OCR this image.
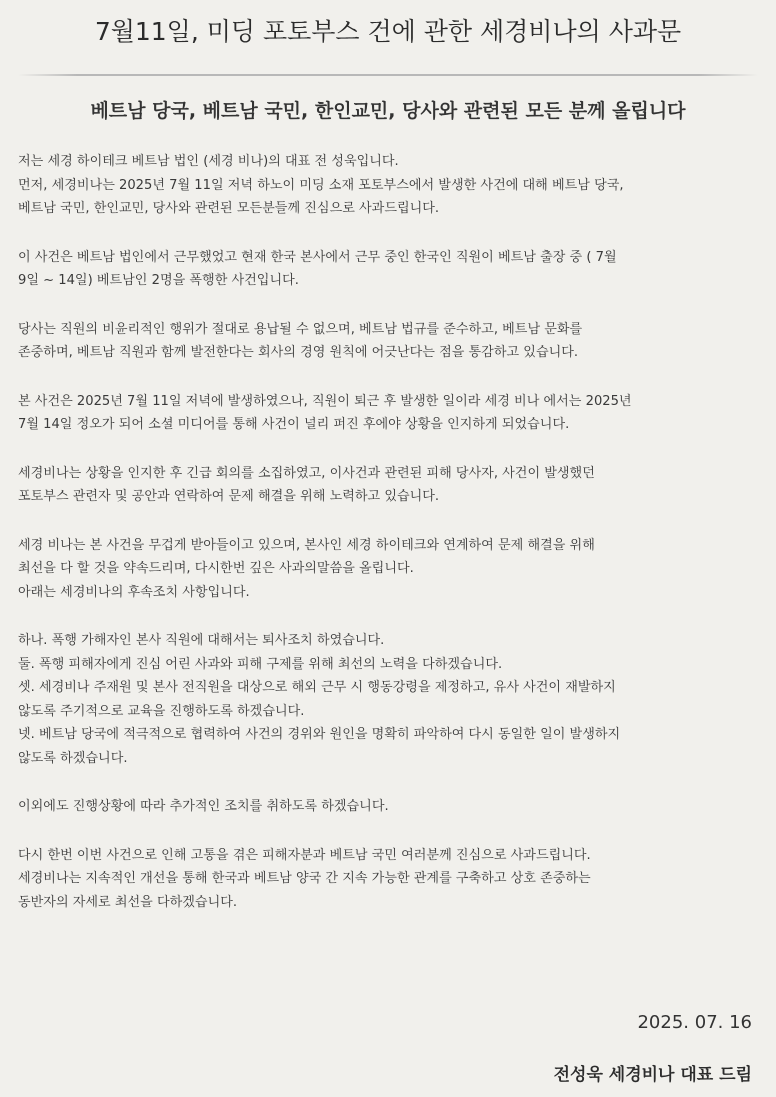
7월11일, 미딩 포토부스 건에 관한 세경비나의 사과문
베트남 당국, 베트남 국민, 한인교민, 당사와 관련된 모든 분께 올립니다
저는 세경 하이테크 베트남 법인 (세경 비나)의 대표 전 성욱입니다.
먼저, 세경비나는 2025년 7월 11일 저녁 하노이 미딩 소재 포토부스에서 발생한 사건에 대해 베트남 당국,
베트남 국민, 한인교민, 당사와 관련된 모든분들께 진심으로 사과드립니다.
이 사건은 베트남 법인에서 근무했었고 현재 한국 본사에서 근무 중인 한국인 직원이 베트남 출장 중 ( 7월
9일 ~ 14일) 베트남인 2명을 폭행한 사건입니다.
당사는 직원의 비윤리적인 행위가 절대로 용납될 수 없으며, 베트남 법규를 준수하고, 베트남 문화를
존중하며, 베트남 직원과 함께 발전한다는 회사의 경영 원칙에 어긋난다는 점을 통감하고 있습니다.
본 사건은 2025년 7월 11일 저녁에 발생하였으나, 직원이 퇴근 후 발생한 일이라 세경 비나 에서는 2025년
7월 14일 정오가 되어 소셜 미디어를 통해 사건이 널리 퍼진 후에야 상황을 인지하게 되었습니다.
세경비나는 상황을 인지한 후 긴급 회의를 소집하였고, 이사건과 관련된 피해 당사자, 사건이 발생했던
포토부스 관련자 및 공안과 연락하여 문제 해결을 위해 노력하고 있습니다.
세경 비나는 본 사건을 무겁게 받아들이고 있으며, 본사인 세경 하이테크와 연계하여 문제 해결을 위해
최선을 다 할 것을 약속드리며, 다시한번 깊은 사과의말씀을 올립니다.
아래는 세경비나의 후속조치 사항입니다.
하나. 폭행 가해자인 본사 직원에 대해서는 퇴사조치 하였습니다.
둘. 폭행 피해자에게 진심 어린 사과와 피해 구제를 위해 최선의 노력을 다하겠습니다.
셋. 세경비나 주재원 및 본사 전직원을 대상으로 해외 근무 시 행동강령을 제정하고, 유사 사건이 재발하지
않도록 주기적으로 교육을 진행하도록 하겠습니다.
넷. 베트남 당국에 적극적으로 협력하여 사건의 경위와 원인을 명확히 파악하여 다시 동일한 일이 발생하지
않도록 하겠습니다.
이외에도 진행상황에 따라 추가적인 조치를 취하도록 하겠습니다.
다시 한번 이번 사건으로 인해 고통을 겪은 피해자분과 베트남 국민 여러분께 진심으로 사과드립니다.
세경비나는 지속적인 개선을 통해 한국과 베트남 양국 간 지속 가능한 관계를 구축하고 상호 존중하는
동반자의 자세로 최선을 다하겠습니다.
2025. 07. 16
전성욱 세경비나 대표 드림
